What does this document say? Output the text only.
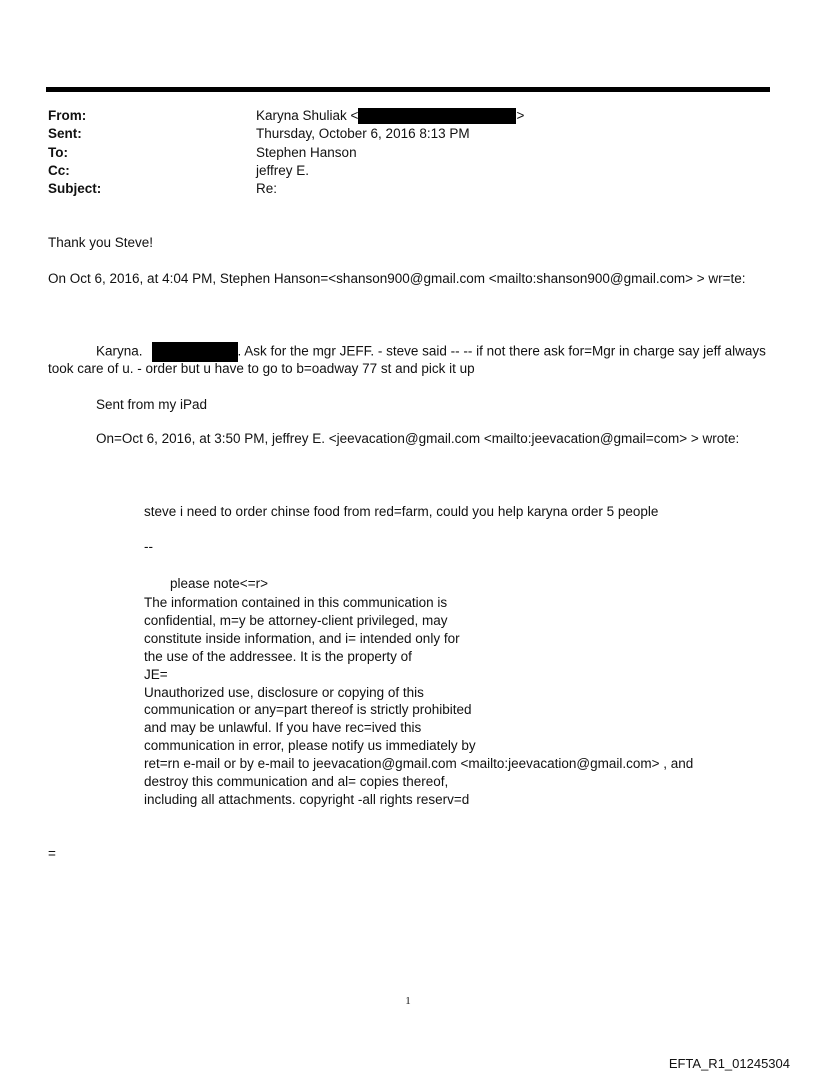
From:	Karyna Shuliak <	>
Sent:	Thursday, October 6, 2016 8:13 PM
To:	Stephen Hanson
Cc:	jeffrey E.
Subject:	Re:
Thank you Steve!
On Oct 6, 2016, at 4:04 PM, Stephen Hanson=<shanson900@gmail.com <mailto:shanson900@gmail.com> > wr=te:
Karyna.	. Ask for the mgr JEFF. - steve said -- -- if not there ask for=Mgr in charge say jeff always
took care of u. - order but u have to go to b=oadway 77 st and pick it up
Sent from my iPad
On=Oct 6, 2016, at 3:50 PM, jeffrey E. <jeevacation@gmail.com <mailto:jeevacation@gmail=com> > wrote:
steve i need to order chinse food from red=farm, could you help karyna order 5 people
--
please note<=r>
The information contained in this communication is
confidential, m=y be attorney-client privileged, may
constitute inside information, and i= intended only for
the use of the addressee. It is the property of
JE=
Unauthorized use, disclosure or copying of this
communication or any=part thereof is strictly prohibited
and may be unlawful. If you have rec=ived this
communication in error, please notify us immediately by
ret=rn e-mail or by e-mail to jeevacation@gmail.com <mailto:jeevacation@gmail.com> , and
destroy this communication and al= copies thereof,
including all attachments. copyright -all rights reserv=d
=
1
EFTA_R1_01245304
